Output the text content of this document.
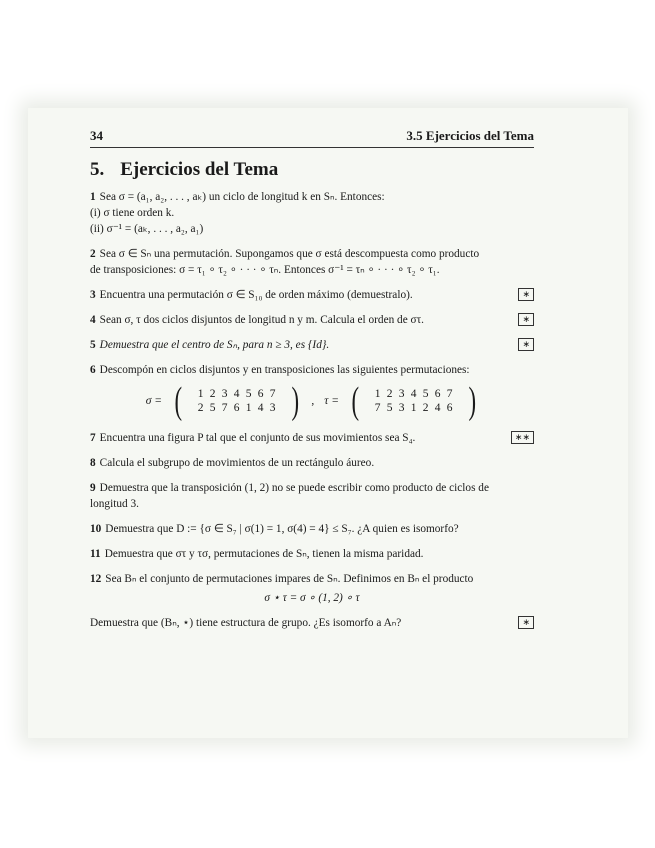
34	3.5 Ejercicios del Tema
5. Ejercicios del Tema
1 Sea σ = (a₁, a₂, . . . , aₖ) un ciclo de longitud k en Sₙ. Entonces:
(i) σ tiene orden k.
(ii) σ⁻¹ = (aₖ, . . . , a₂, a₁)
2 Sea σ ∈ Sₙ una permutación. Supongamos que σ está descompuesta como producto
de transposiciones: σ = τ₁ ∘ τ₂ ∘ · · · ∘ τₙ. Entonces σ⁻¹ = τₙ ∘ · · · ∘ τ₂ ∘ τ₁.
3 Encuentra una permutación σ ∈ S₁₀ de orden máximo (demuestralo).	∗
4 Sean σ, τ dos ciclos disjuntos de longitud n y m. Calcula el orden de στ.	∗
5 Demuestra que el centro de Sₙ, para n ≥ 3, es {Id}.	∗
6 Descompón en ciclos disjuntos y en transposiciones las siguientes permutaciones:
σ = ( 1 2 3 4 5 6 7
2 5 7 6 1 4 3 ) , τ = ( 1 2 3 4 5 6 7
7 5 3 1 2 4 6 )
7 Encuentra una figura P tal que el conjunto de sus movimientos sea S₄.	∗∗
8 Calcula el subgrupo de movimientos de un rectángulo áureo.
9 Demuestra que la transposición (1, 2) no se puede escribir como producto de ciclos de
longitud 3.
10 Demuestra que D := {σ ∈ S₇ | σ(1) = 1, σ(4) = 4} ≤ S₇. ¿A quien es isomorfo?
11 Demuestra que στ y τσ, permutaciones de Sₙ, tienen la misma paridad.
12 Sea Bₙ el conjunto de permutaciones impares de Sₙ. Definimos en Bₙ el producto
σ ⋆ τ = σ ∘ (1, 2) ∘ τ
Demuestra que (Bₙ, ⋆) tiene estructura de grupo. ¿Es isomorfo a Aₙ?	∗
